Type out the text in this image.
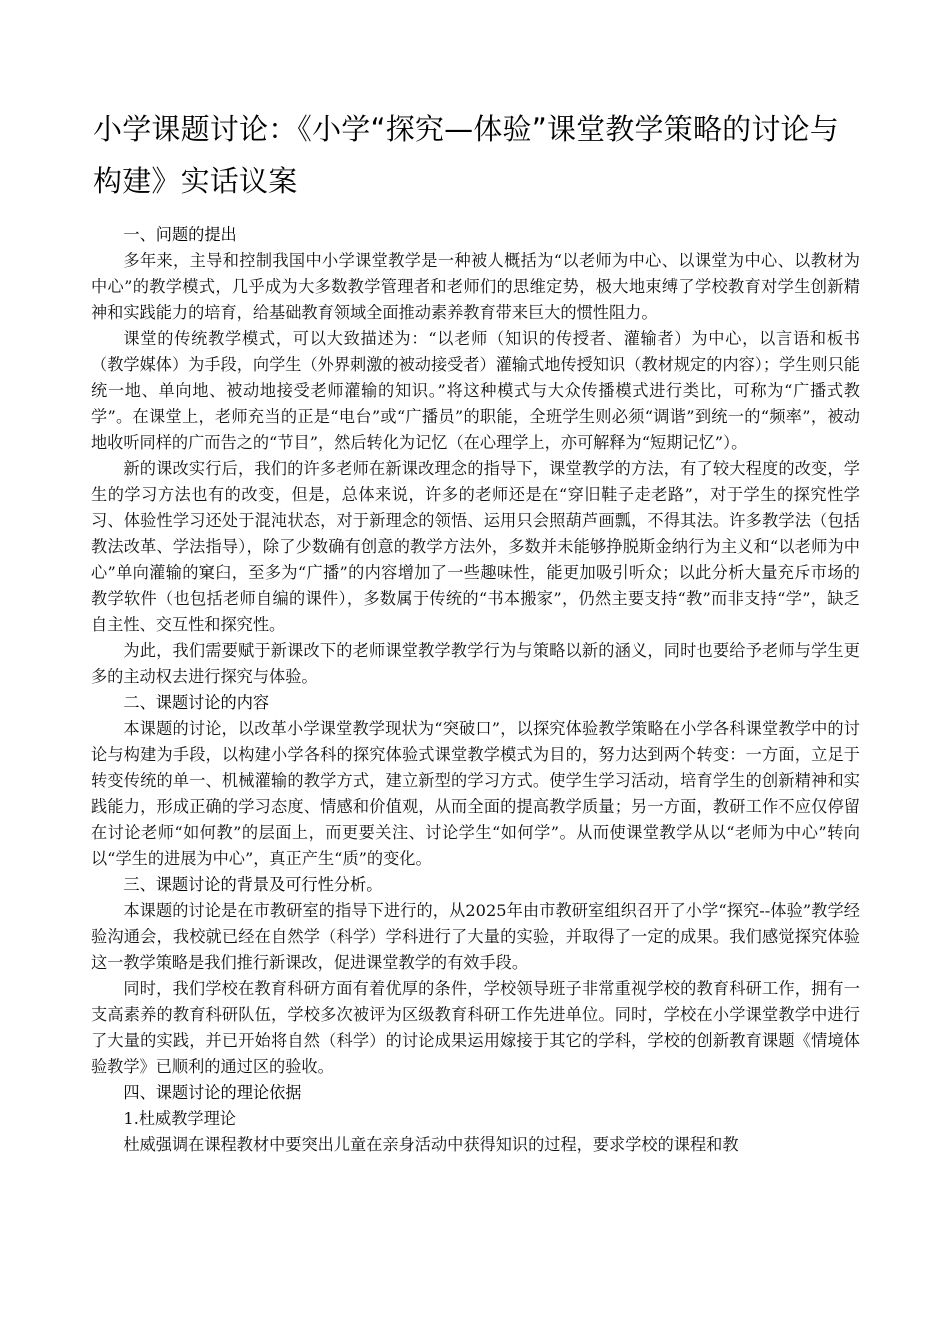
小学课题讨论：《小学“探究—体验”课堂教学策略的讨论与构建》实话议案
一、问题的提出

多年来，主导和控制我国中小学课堂教学是一种被人概括为“以老师为中心、以课堂为中心、以教材为中心”的教学模式，几乎成为大多数教学管理者和老师们的思维定势，极大地束缚了学校教育对学生创新精神和实践能力的培育，给基础教育领域全面推动素养教育带来巨大的惯性阻力。

课堂的传统教学模式，可以大致描述为：“以老师（知识的传授者、灌输者）为中心，以言语和板书（教学媒体）为手段，向学生（外界刺激的被动接受者）灌输式地传授知识（教材规定的内容）；学生则只能统一地、单向地、被动地接受老师灌输的知识。”将这种模式与大众传播模式进行类比，可称为“广播式教学”。在课堂上，老师充当的正是“电台”或“广播员”的职能，全班学生则必须“调谐”到统一的“频率”，被动地收听同样的广而告之的“节目”，然后转化为记忆（在心理学上，亦可解释为“短期记忆”）。

新的课改实行后，我们的许多老师在新课改理念的指导下，课堂教学的方法，有了较大程度的改变，学生的学习方法也有的改变，但是，总体来说，许多的老师还是在“穿旧鞋子走老路”，对于学生的探究性学习、体验性学习还处于混沌状态，对于新理念的领悟、运用只会照葫芦画瓢，不得其法。许多教学法（包括教法改革、学法指导），除了少数确有创意的教学方法外，多数并未能够挣脱斯金纳行为主义和“以老师为中心”单向灌输的窠臼，至多为“广播”的内容增加了一些趣味性，能更加吸引听众；以此分析大量充斥市场的教学软件（也包括老师自编的课件），多数属于传统的“书本搬家”，仍然主要支持“教”而非支持“学”，缺乏自主性、交互性和探究性。

为此，我们需要赋于新课改下的老师课堂教学教学行为与策略以新的涵义，同时也要给予老师与学生更多的主动权去进行探究与体验。

二、课题讨论的内容

本课题的讨论，以改革小学课堂教学现状为“突破口”，以探究体验教学策略在小学各科课堂教学中的讨论与构建为手段，以构建小学各科的探究体验式课堂教学模式为目的，努力达到两个转变：一方面，立足于转变传统的单一、机械灌输的教学方式，建立新型的学习方式。使学生学习活动，培育学生的创新精神和实践能力，形成正确的学习态度、情感和价值观，从而全面的提高教学质量；另一方面，教研工作不应仅停留在讨论老师“如何教”的层面上，而更要关注、讨论学生“如何学”。从而使课堂教学从以“老师为中心”转向以“学生的进展为中心”，真正产生“质”的变化。

三、课题讨论的背景及可行性分析。

本课题的讨论是在市教研室的指导下进行的，从2025年由市教研室组织召开了小学“探究--体验”教学经验沟通会，我校就已经在自然学（科学）学科进行了大量的实验，并取得了一定的成果。我们感觉探究体验这一教学策略是我们推行新课改，促进课堂教学的有效手段。

同时，我们学校在教育科研方面有着优厚的条件，学校领导班子非常重视学校的教育科研工作，拥有一支高素养的教育科研队伍，学校多次被评为区级教育科研工作先进单位。同时，学校在小学课堂教学中进行了大量的实践，并已开始将自然（科学）的讨论成果运用嫁接于其它的学科，学校的创新教育课题《情境体验教学》已顺利的通过区的验收。

四、课题讨论的理论依据

1.杜威教学理论

杜威强调在课程教材中要突出儿童在亲身活动中获得知识的过程，要求学校的课程和教
